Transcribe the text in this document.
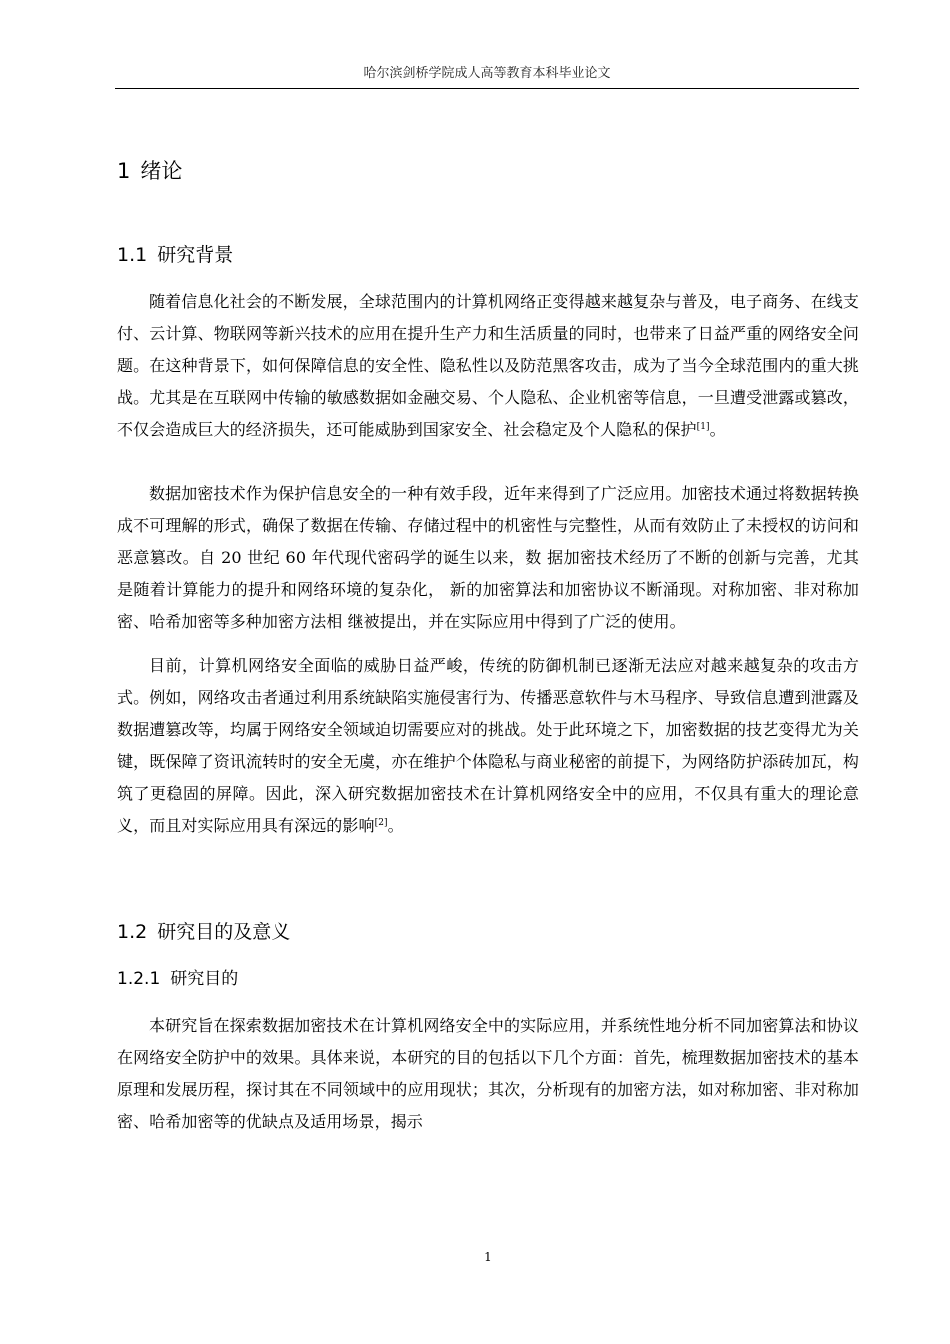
哈尔滨剑桥学院成人高等教育本科毕业论文
1 绪论
1.1 研究背景

随着信息化社会的不断发展，全球范围内的计算机网络正变得越来越复杂与普及，电子商务、在线支付、云计算、物联网等新兴技术的应用在提升生产力和生活质量的同时，也带来了日益严重的网络安全问题。在这种背景下，如何保障信息的安全性、隐私性以及防范黑客攻击，成为了当今全球范围内的重大挑战。尤其是在互联网中传输的敏感数据如金融交易、个人隐私、企业机密等信息，一旦遭受泄露或篡改，不仅会造成巨大的经济损失，还可能威胁到国家安全、社会稳定及个人隐私的保护[1]。

数据加密技术作为保护信息安全的一种有效手段，近年来得到了广泛应用。加密技术通过将数据转换成不可理解的形式，确保了数据在传输、存储过程中的机密性与完整性，从而有效防止了未授权的访问和恶意篡改。自 20 世纪 60 年代现代密码学的诞生以来，数 据加密技术经历了不断的创新与完善，尤其是随着计算能力的提升和网络环境的复杂化， 新的加密算法和加密协议不断涌现。对称加密、非对称加密、哈希加密等多种加密方法相 继被提出，并在实际应用中得到了广泛的使用。

目前，计算机网络安全面临的威胁日益严峻，传统的防御机制已逐渐无法应对越来越复杂的攻击方式。例如，网络攻击者通过利用系统缺陷实施侵害行为、传播恶意软件与木马程序、导致信息遭到泄露及数据遭篡改等，均属于网络安全领域迫切需要应对的挑战。处于此环境之下，加密数据的技艺变得尤为关键，既保障了资讯流转时的安全无虞，亦在维护个体隐私与商业秘密的前提下，为网络防护添砖加瓦，构筑了更稳固的屏障。因此，深入研究数据加密技术在计算机网络安全中的应用，不仅具有重大的理论意义，而且对实际应用具有深远的影响[2]。

1.2 研究目的及意义
1.2.1 研究目的

本研究旨在探索数据加密技术在计算机网络安全中的实际应用，并系统性地分析不同加密算法和协议在网络安全防护中的效果。具体来说，本研究的目的包括以下几个方面：首先，梳理数据加密技术的基本原理和发展历程，探讨其在不同领域中的应用现状；其次，分析现有的加密方法，如对称加密、非对称加密、哈希加密等的优缺点及适用场景，揭示

1
